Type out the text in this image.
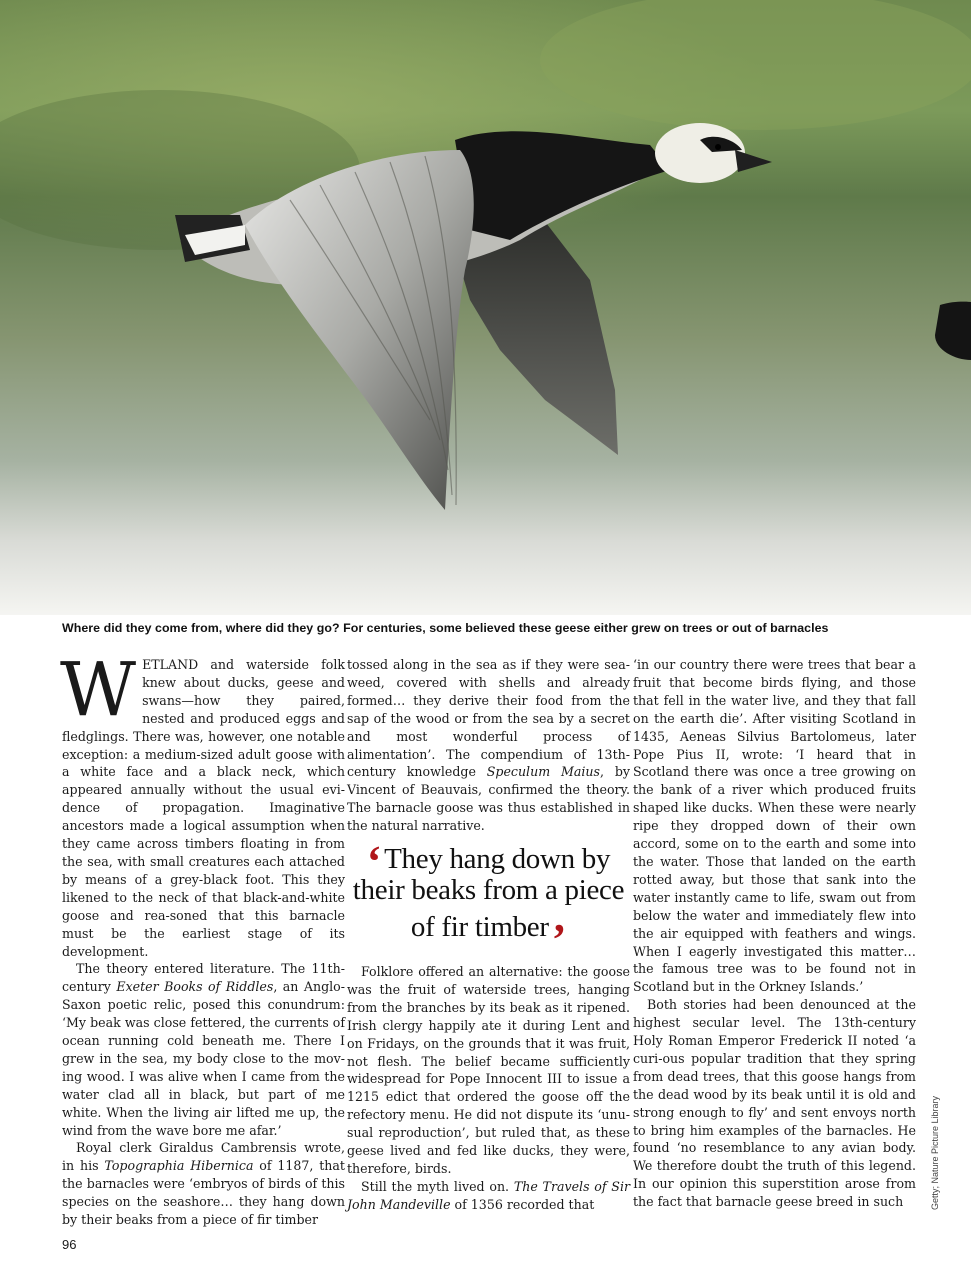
Where did they come from, where did they go? For centuries, some believed these geese either grew on trees or out of barnacles

WETLAND and waterside folk knew about ducks, geese and swans—how they paired, nested and produced eggs and fledglings. There was, however, one notable exception: a medium-sized adult goose with a white face and a black neck, which appeared annually without the usual evi-dence of propagation. Imaginative ancestors made a logical assumption when they came across timbers floating in from the sea, with small creatures each attached by means of a grey-black foot. This they likened to the neck of that black-and-white goose and rea-soned that this barnacle must be the earliest stage of its development.

The theory entered literature. The 11th-century Exeter Books of Riddles, an Anglo-Saxon poetic relic, posed this conundrum: ‘My beak was close fettered, the currents of ocean running cold beneath me. There I grew in the sea, my body close to the mov-ing wood. I was alive when I came from the water clad all in black, but part of me white. When the living air lifted me up, the wind from the wave bore me afar.’

Royal clerk Giraldus Cambrensis wrote, in his Topographia Hibernica of 1187, that the barnacles were ‘embryos of birds of this species on the seashore… they hang down by their beaks from a piece of fir timber

tossed along in the sea as if they were sea-weed, covered with shells and already formed… they derive their food from the sap of the wood or from the sea by a secret and most wonderful process of alimentation’. The compendium of 13th-century knowledge Speculum Maius, by Vincent of Beauvais, confirmed the theory. The barnacle goose was thus established in the natural narrative.

‘ They hang down by their beaks from a piece of fir timber’

Folklore offered an alternative: the goose was the fruit of waterside trees, hanging from the branches by its beak as it ripened. Irish clergy happily ate it during Lent and on Fridays, on the grounds that it was fruit, not flesh. The belief became sufficiently widespread for Pope Innocent III to issue a 1215 edict that ordered the goose off the refectory menu. He did not dispute its ‘unu-sual reproduction’, but ruled that, as these geese lived and fed like ducks, they were, therefore, birds.

Still the myth lived on. The Travels of Sir John Mandeville of 1356 recorded that

‘in our country there were trees that bear a fruit that become birds flying, and those that fell in the water live, and they that fall on the earth die’. After visiting Scotland in 1435, Aeneas Silvius Bartolomeus, later Pope Pius II, wrote: ‘I heard that in Scotland there was once a tree growing on the bank of a river which produced fruits shaped like ducks. When these were nearly ripe they dropped down of their own accord, some on to the earth and some into the water. Those that landed on the earth rotted away, but those that sank into the water instantly came to life, swam out from below the water and immediately flew into the air equipped with feathers and wings. When I eagerly investigated this matter… the famous tree was to be found not in Scotland but in the Orkney Islands.’

Both stories had been denounced at the highest secular level. The 13th-century Holy Roman Emperor Frederick II noted ‘a curi-ous popular tradition that they spring from dead trees, that this goose hangs from the dead wood by its beak until it is old and strong enough to fly’ and sent envoys north to bring him examples of the barnacles. He found ‘no resemblance to any avian body. We therefore doubt the truth of this legend. In our opinion this superstition arose from the fact that barnacle geese breed in such

96
Getty; Nature Picture Library
